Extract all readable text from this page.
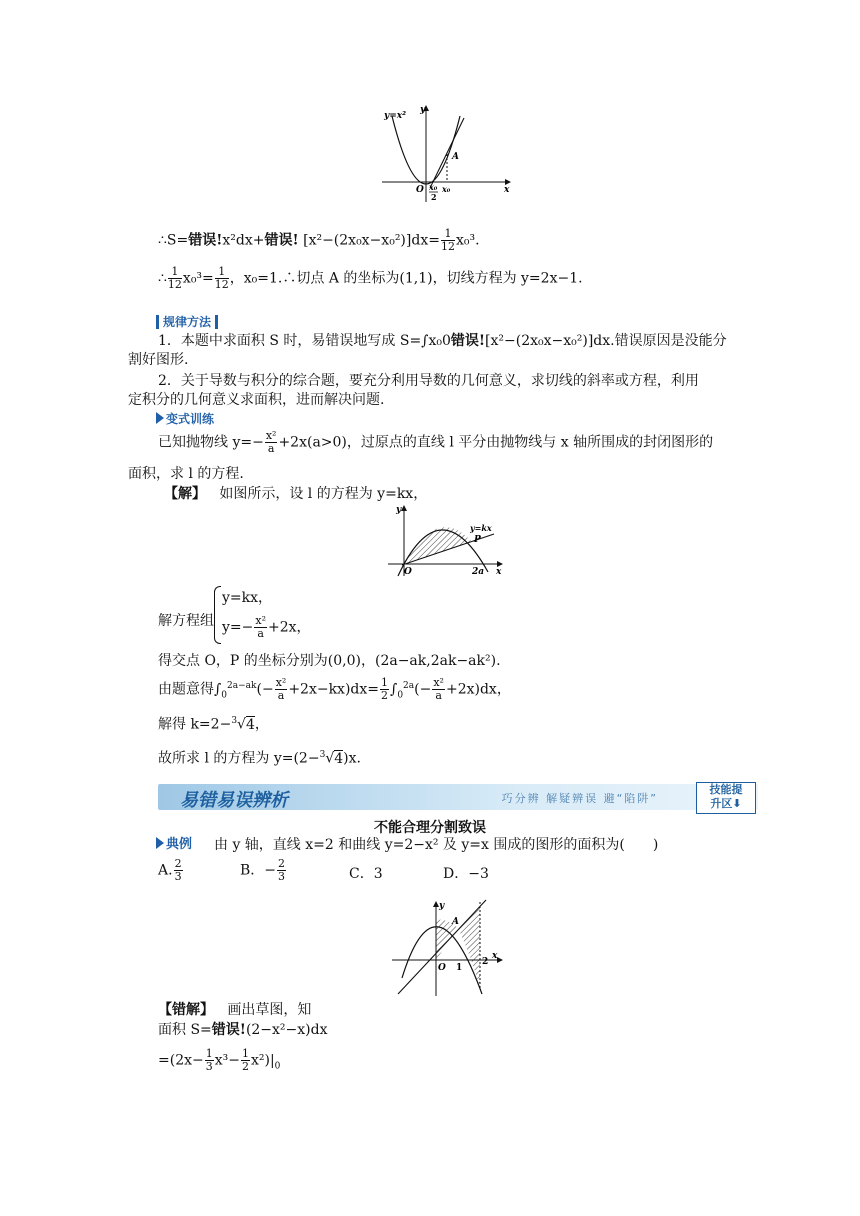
y=x²
y
x
O
A
x₀
x₀
2
∴S=错误!x²dx+错误! $[x^2-(2x_0x-x_0^2)]dx= \frac{1}{12} x_0^3$.
∴ $\frac{1}{12} x_0^3= \frac{1}{12}$ ，x₀=1.∴切点 A 的坐标为(1,1)，切线方程为 y=2x−1.
规律方法
1．本题中求面积 S 时，易错误地写成 S=∫x₀0错误![x²−(2x₀x−x₀²)]dx.错误原因是没能分
割好图形.
2．关于导数与积分的综合题，要充分利用导数的几何意义，求切线的斜率或方程，利用
定积分的几何意义求面积，进而解决问题.
变式训练
已知抛物线 $y=- \frac{\text{x²}}{a} +2x(a>0)$，过原点的直线 l 平分由抛物线与 x 轴所围成的封闭图形的
面积，求 l 的方程.
【解】 如图所示，设 l 的方程为 y=kx，
y
x
O
P
y=kx
2a
解方程组
y=kx，
$y=- \frac{\text{x²}}{a} +2x$，
得交点 O，P 的坐标分别为(0,0)，(2a−ak,2ak−ak²).
由题意得$\int_0^{2a-ak}(- \frac{\text{x²}}{a} +2x-kx)dx= \frac{1}{2} \int_0^{2a}(- \frac{\text{x²}}{a} +2x)dx$，
解得 k=2−$^3$√4，
故所求 l 的方程为 y=(2−$^3$√4)x.
易错易误辨析	巧分辨 解疑辨误 避“陷阱”
技能提
升区⬇
不能合理分割致误
典例 由 y 轴，直线 x=2 和曲线 y=2−x² 及 y=x 围成的图形的面积为(　　)
A. $\frac{2}{3}$	B．− $\frac{2}{3}$	C．3	D．−3
y
x
O
A
1
2
【错解】 画出草图，知
面积 S=错误!(2−x²−x)dx
$=(2x- \frac{1}{3} x^3- \frac{1}{2} x^2)|_0$
